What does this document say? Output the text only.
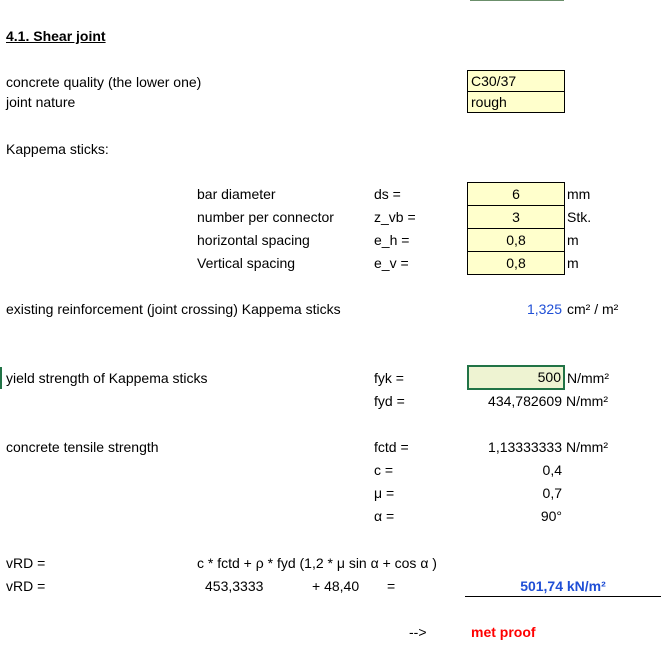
4.1. Shear joint
concrete quality (the lower one)	C30/37
joint nature	rough
Kappema sticks:
bar diameter	ds =	6	mm
number per connector	z_vb =	3	Stk.
horizontal spacing	e_h =	0,8	m
Vertical spacing	e_v =	0,8	m
existing reinforcement (joint crossing) Kappema sticks	1,325 cm² / m²
yield strength of Kappema sticks	fyk =	500 N/mm²
fyd =	434,782609 N/mm²
concrete tensile strength	fctd =	1,13333333 N/mm²
c =	0,4
μ =	0,7
α =	90°
vRD =	c * fctd + ρ * fyd (1,2 * μ sin α + cos α )
vRD =	453,3333	+ 48,40 =	501,74 kN/m²
-->	met proof
